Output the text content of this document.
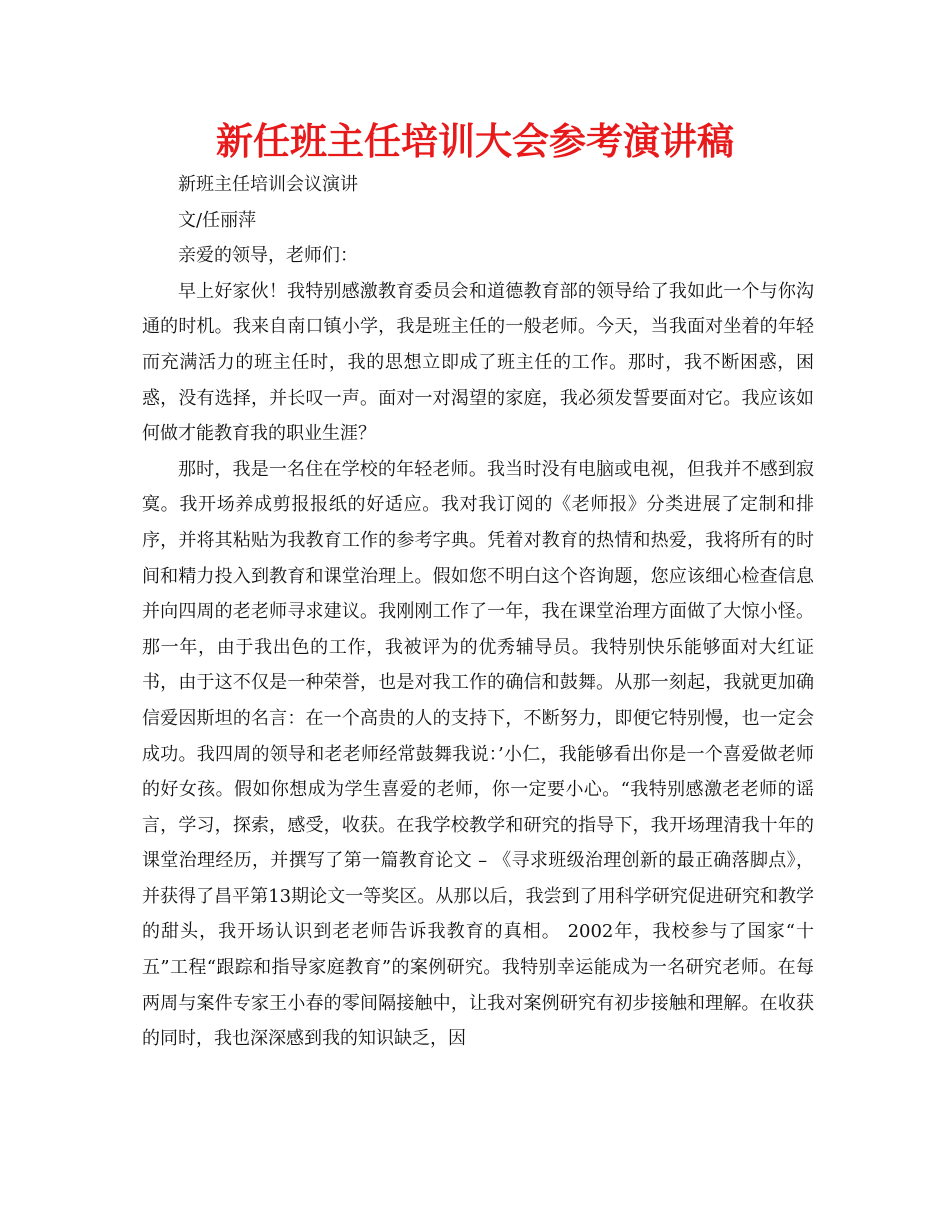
新任班主任培训大会参考演讲稿

新班主任培训会议演讲

文/任丽萍

亲爱的领导，老师们：

早上好家伙！我特别感激教育委员会和道德教育部的领导给了我如此一个与你沟通的时机。我来自南口镇小学，我是班主任的一般老师。今天，当我面对坐着的年轻而充满活力的班主任时，我的思想立即成了班主任的工作。那时，我不断困惑，困惑，没有选择，并长叹一声。面对一对渴望的家庭，我必须发誓要面对它。我应该如何做才能教育我的职业生涯？

那时，我是一名住在学校的年轻老师。我当时没有电脑或电视，但我并不感到寂寞。我开场养成剪报报纸的好适应。我对我订阅的《老师报》分类进展了定制和排序，并将其粘贴为我教育工作的参考字典。凭着对教育的热情和热爱，我将所有的时间和精力投入到教育和课堂治理上。假如您不明白这个咨询题，您应该细心检查信息并向四周的老老师寻求建议。我刚刚工作了一年，我在课堂治理方面做了大惊小怪。那一年，由于我出色的工作，我被评为的优秀辅导员。我特别快乐能够面对大红证书，由于这不仅是一种荣誉，也是对我工作的确信和鼓舞。从那一刻起，我就更加确信爱因斯坦的名言：在一个高贵的人的支持下，不断努力，即便它特别慢，也一定会成功。我四周的领导和老老师经常鼓舞我说：’小仁，我能够看出你是一个喜爱做老师的好女孩。假如你想成为学生喜爱的老师，你一定要小心。“我特别感激老老师的谣言，学习，探索，感受，收获。在我学校教学和研究的指导下，我开场理清我十年的课堂治理经历，并撰写了第一篇教育论文 – 《寻求班级治理创新的最正确落脚点》，并获得了昌平第13期论文一等奖区。从那以后，我尝到了用科学研究促进研究和教学的甜头，我开场认识到老老师告诉我教育的真相。 2002年，我校参与了国家“十五”工程“跟踪和指导家庭教育”的案例研究。我特别幸运能成为一名研究老师。在每两周与案件专家王小春的零间隔接触中，让我对案例研究有初步接触和理解。在收获的同时，我也深深感到我的知识缺乏，因
